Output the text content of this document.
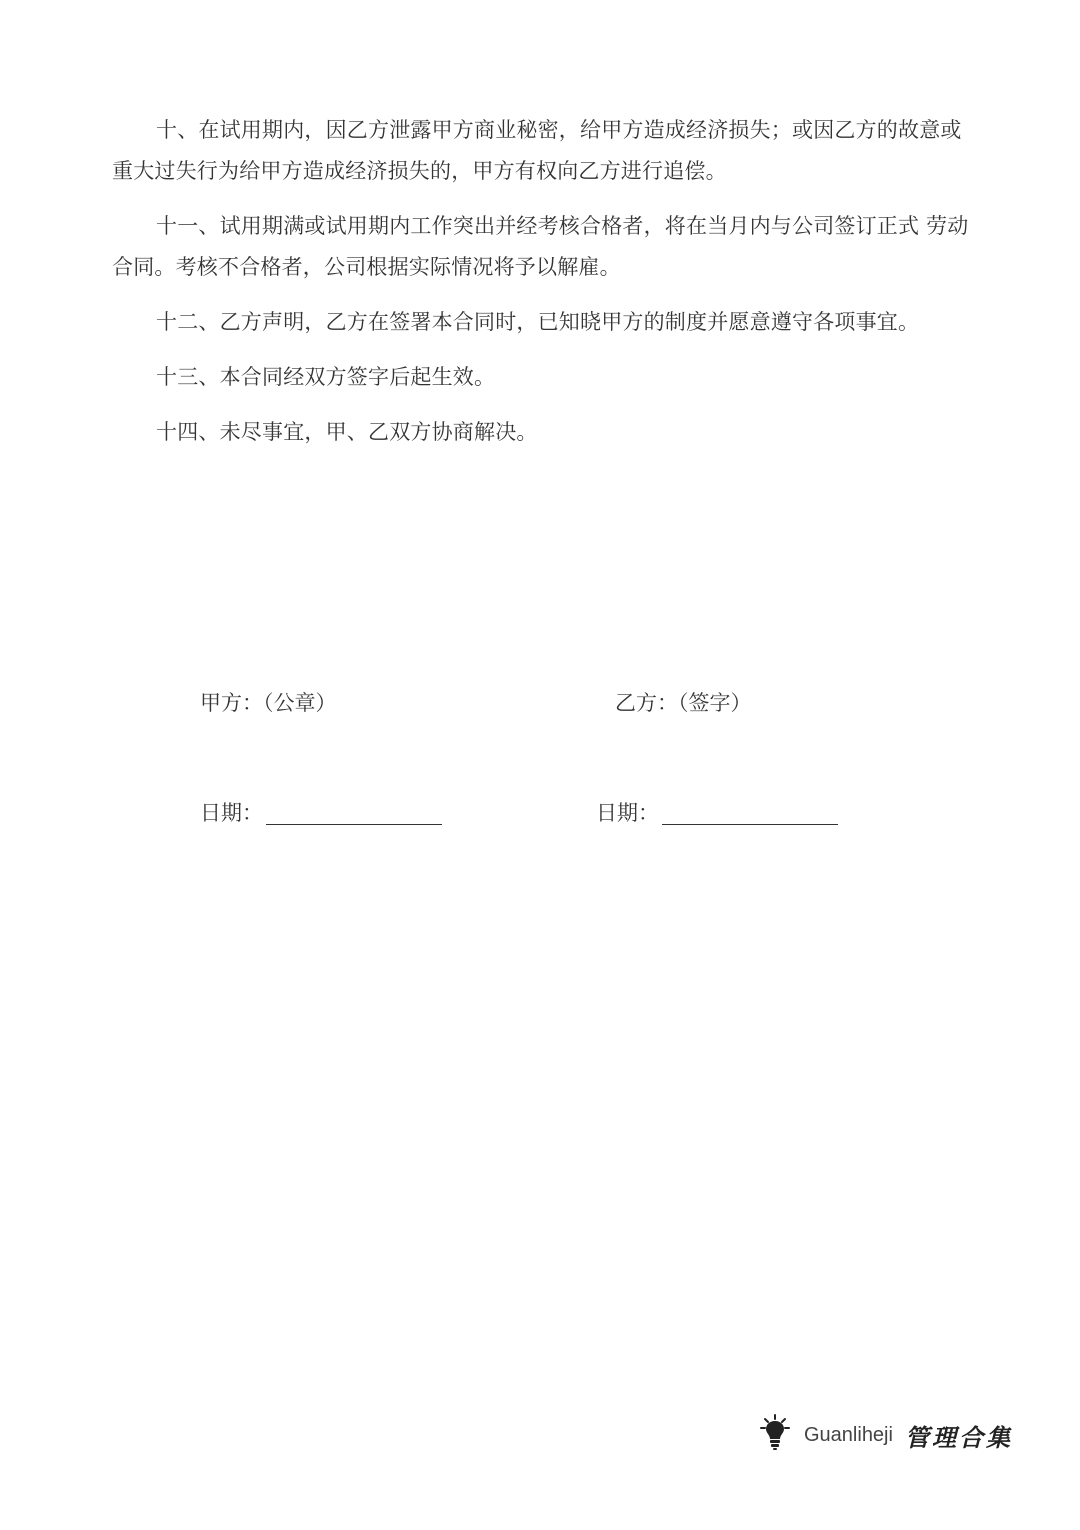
十、在试用期内，因乙方泄露甲方商业秘密，给甲方造成经济损失；或因乙方的故意或重大过失行为给甲方造成经济损失的，甲方有权向乙方进行追偿。

十一、试用期满或试用期内工作突出并经考核合格者，将在当月内与公司签订正式 劳动合同。考核不合格者，公司根据实际情况将予以解雇。

十二、乙方声明，乙方在签署本合同时，已知晓甲方的制度并愿意遵守各项事宜。

十三、本合同经双方签字后起生效。

十四、未尽事宜，甲、乙双方协商解决。

甲方：（公章）	乙方：（签字）
日期：	日期：
Guanliheji 管理合集
